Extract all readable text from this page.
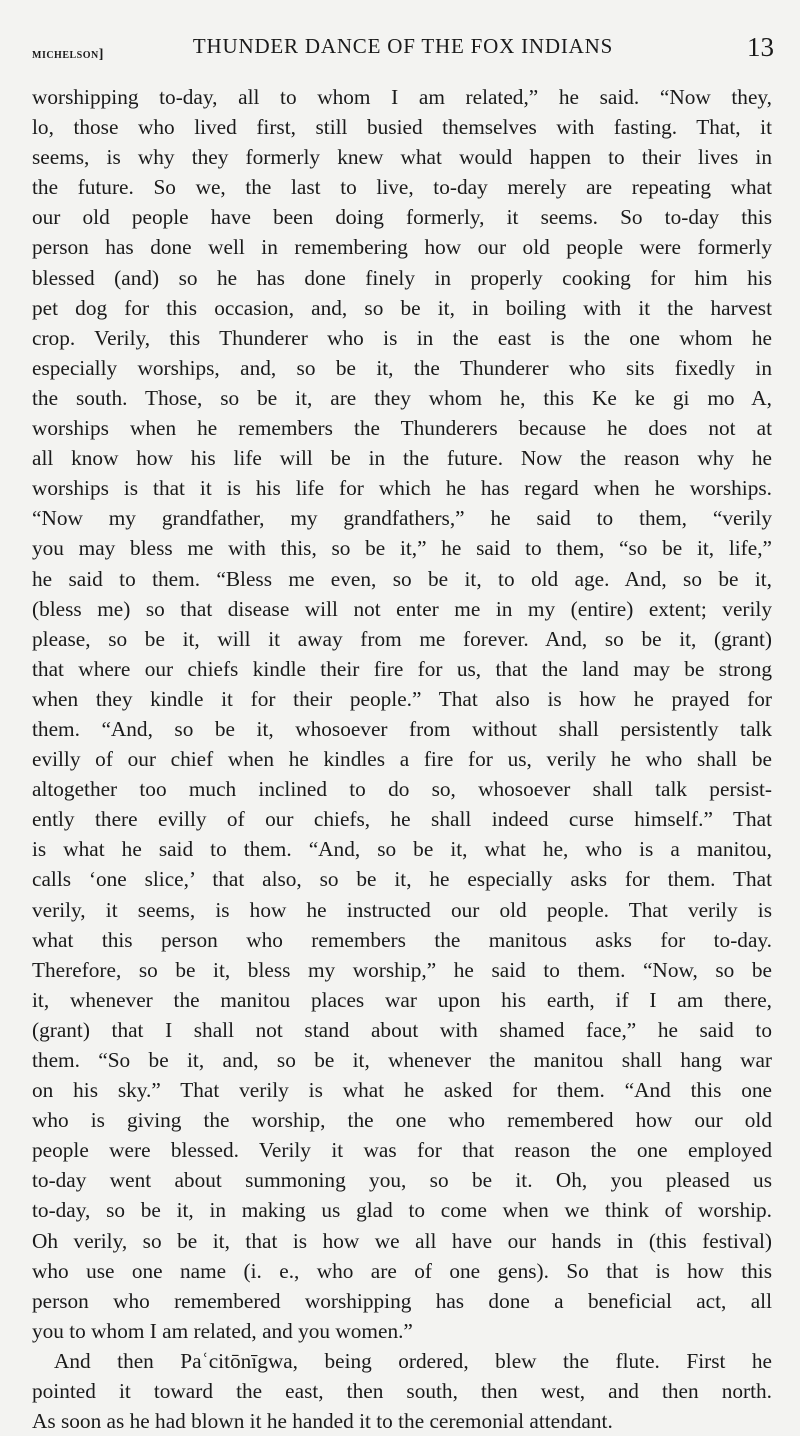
michelson]	THUNDER DANCE OF THE FOX INDIANS	13
worshipping to-day, all to whom I am related,” he said. “Now they,
lo, those who lived first, still busied themselves with fasting. That, it
seems, is why they formerly knew what would happen to their lives in
the future. So we, the last to live, to-day merely are repeating what
our old people have been doing formerly, it seems. So to-day this
person has done well in remembering how our old people were formerly
blessed (and) so he has done finely in properly cooking for him his
pet dog for this occasion, and, so be it, in boiling with it the harvest
crop. Verily, this Thunderer who is in the east is the one whom he
especially worships, and, so be it, the Thunderer who sits fixedly in
the south. Those, so be it, are they whom he, this Ke ke gi mo A,
worships when he remembers the Thunderers because he does not at
all know how his life will be in the future. Now the reason why he
worships is that it is his life for which he has regard when he worships.
“Now my grandfather, my grandfathers,” he said to them, “verily
you may bless me with this, so be it,” he said to them, “so be it, life,”
he said to them. “Bless me even, so be it, to old age. And, so be it,
(bless me) so that disease will not enter me in my (entire) extent; verily
please, so be it, will it away from me forever. And, so be it, (grant)
that where our chiefs kindle their fire for us, that the land may be strong
when they kindle it for their people.” That also is how he prayed for
them. “And, so be it, whosoever from without shall persistently talk
evilly of our chief when he kindles a fire for us, verily he who shall be
altogether too much inclined to do so, whosoever shall talk persist-
ently there evilly of our chiefs, he shall indeed curse himself.” That
is what he said to them. “And, so be it, what he, who is a manitou,
calls ‘one slice,’ that also, so be it, he especially asks for them. That
verily, it seems, is how he instructed our old people. That verily is
what this person who remembers the manitous asks for to-day.
Therefore, so be it, bless my worship,” he said to them. “Now, so be
it, whenever the manitou places war upon his earth, if I am there,
(grant) that I shall not stand about with shamed face,” he said to
them. “So be it, and, so be it, whenever the manitou shall hang war
on his sky.” That verily is what he asked for them. “And this one
who is giving the worship, the one who remembered how our old
people were blessed. Verily it was for that reason the one employed
to-day went about summoning you, so be it. Oh, you pleased us
to-day, so be it, in making us glad to come when we think of worship.
Oh verily, so be it, that is how we all have our hands in (this festival)
who use one name (i. e., who are of one gens). So that is how this
person who remembered worshipping has done a beneficial act, all
you to whom I am related, and you women.”
And then Paʿcitōnīgwa, being ordered, blew the flute. First he
pointed it toward the east, then south, then west, and then north.
As soon as he had blown it he handed it to the ceremonial attendant.
